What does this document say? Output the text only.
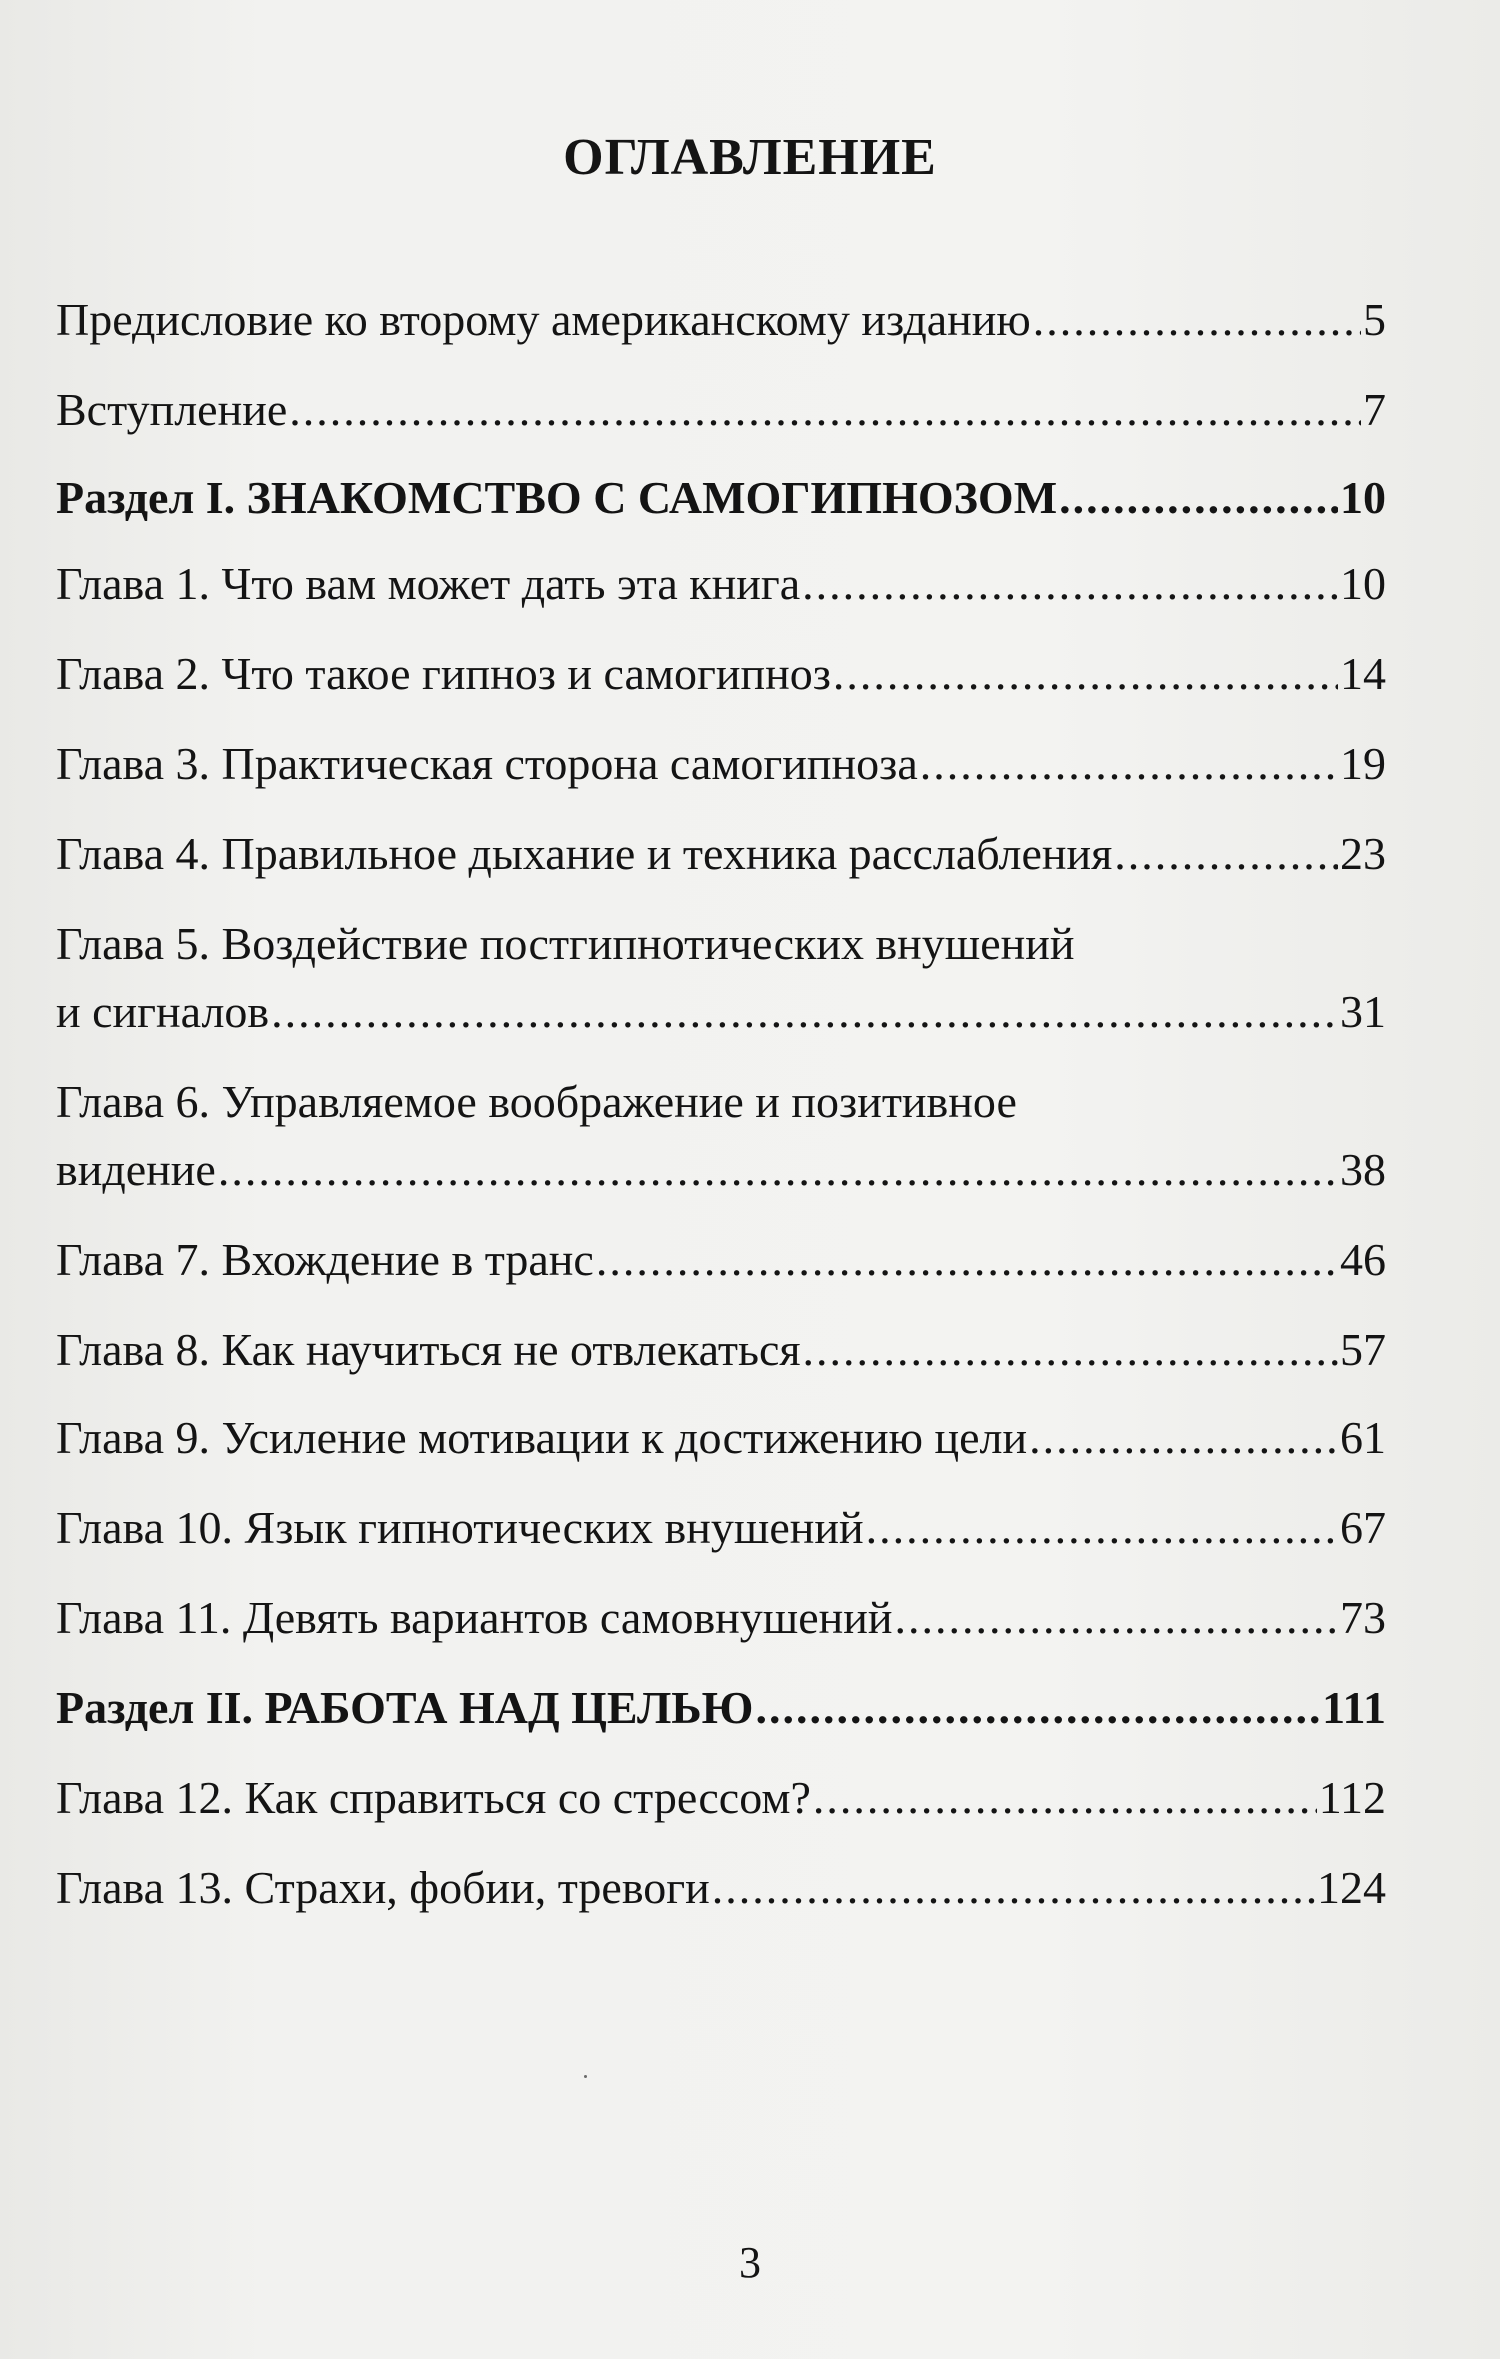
ОГЛАВЛЕНИЕ
Предисловие ко второму американскому изданию .....	5
Вступление .....	7
Раздел I. ЗНАКОМСТВО С САМОГИПНОЗОМ .....	10
Глава 1. Что вам может дать эта книга .....	10
Глава 2. Что такое гипноз и самогипноз .....	14
Глава 3. Практическая сторона самогипноза .....	19
Глава 4. Правильное дыхание и техника расслабления .....	23
Глава 5. Воздействие постгипнотических внушений
и сигналов .....	31
Глава 6. Управляемое воображение и позитивное
видение .....	38
Глава 7. Вхождение в транс .....	46
Глава 8. Как научиться не отвлекаться .....	57
Глава 9. Усиление мотивации к достижению цели .....	61
Глава 10. Язык гипнотических внушений .....	67
Глава 11. Девять вариантов самовнушений .....	73
Раздел II. РАБОТА НАД ЦЕЛЬЮ .....	111
Глава 12. Как справиться со стрессом? .....	112
Глава 13. Страхи, фобии, тревоги .....	124
3
